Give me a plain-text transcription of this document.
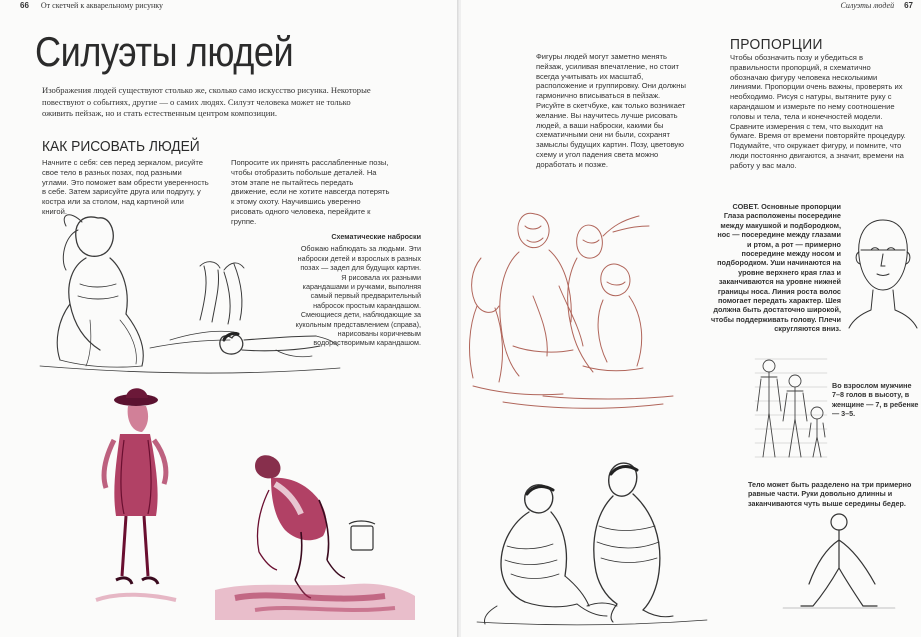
66 От скетчей к акварельному рисунку
Силуэты людей
Изображения людей существуют столько же, сколько само искусство рисунка. Некоторые повествуют о событиях, другие — о самих людях. Силуэт человека может не только оживить пейзаж, но и стать естественным центром композиции.
КАК РИСОВАТЬ ЛЮДЕЙ
Начните с себя: сев перед зеркалом, рисуйте свое тело в разных позах, под разными углами. Это поможет вам обрести уверенность в себе. Затем зарисуйте друга или подругу, у костра или за столом, над картиной или книгой.
Попросите их принять расслабленные позы, чтобы отобразить побольше деталей. На этом этапе не пытайтесь передать движение, если не хотите навсегда потерять к этому охоту. Научившись уверенно рисовать одного человека, перейдите к группе.
Схематические наброски
Обожаю наблюдать за людьми. Эти наброски детей и взрослых в разных позах — задел для будущих картин. Я рисовала их разными карандашами и ручками, выполняя самый первый предварительный набросок простым карандашом. Смеющиеся дети, наблюдающие за кукольным представлением (справа), нарисованы коричневым водорастворимым карандашом.
Силуэты людей 67
Фигуры людей могут заметно менять пейзаж, усиливая впечатление, но стоит всегда учитывать их масштаб, расположение и группировку. Они должны гармонично вписываться в пейзаж. Рисуйте в скетчбуке, как только возникает желание. Вы научитесь лучше рисовать людей, а ваши наброски, какими бы схематичными они ни были, сохранят замыслы будущих картин. Позу, цветовую схему и угол падения света можно доработать и позже.
ПРОПОРЦИИ
Чтобы обозначить позу и убедиться в правильности пропорций, я схематично обозначаю фигуру человека несколькими линиями. Пропорции очень важны, проверять их необходимо. Рисуя с натуры, вытяните руку с карандашом и измерьте по нему соотношение головы и тела, тела и конечностей модели. Сравните измерения с тем, что выходит на бумаге. Время от времени повторяйте процедуру. Подумайте, что окружает фигуру, и помните, что люди постоянно двигаются, а значит, времени на работу у вас мало.
СОВЕТ. Основные пропорции
Глаза расположены посередине между макушкой и подбородком, нос — посередине между глазами и ртом, а рот — примерно посередине между носом и подбородком. Уши начинаются на уровне верхнего края глаз и заканчиваются на уровне нижней границы носа. Линия роста волос помогает передать характер. Шея должна быть достаточно широкой, чтобы поддерживать голову. Плечи скругляются вниз.
Во взрослом мужчине 7–8 голов в высоту, в женщине — 7, в ребенке — 3–5.
Тело может быть разделено на три примерно равные части. Руки довольно длинны и заканчиваются чуть выше середины бедер.
